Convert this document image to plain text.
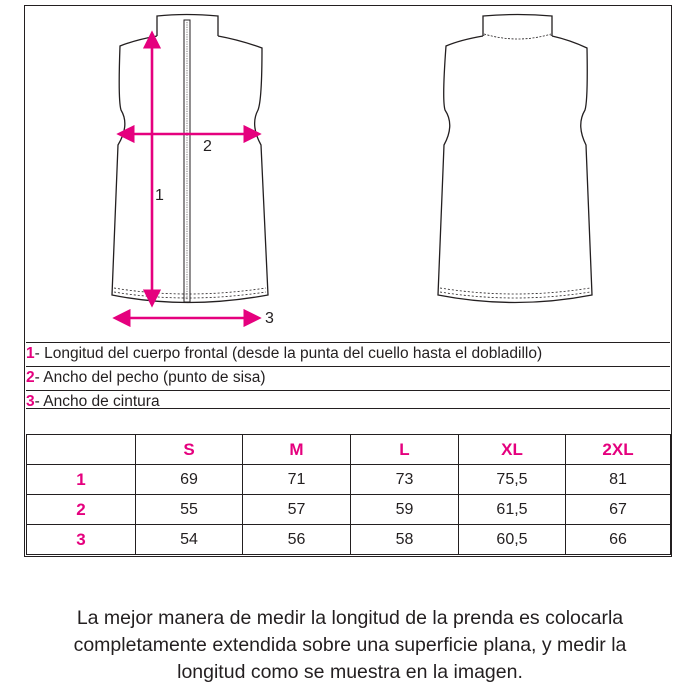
1
2
3
1- Longitud del cuerpo frontal (desde la punta del cuello hasta el dobladillo)
2- Ancho del pecho (punto de sisa)
3- Ancho de cintura
	S	M	L	XL	2XL
1	69	71	73	75,5	81
2	55	57	59	61,5	67
3	54	56	58	60,5	66
La mejor manera de medir la longitud de la prenda es colocarla
completamente extendida sobre una superficie plana, y medir la
longitud como se muestra en la imagen.
